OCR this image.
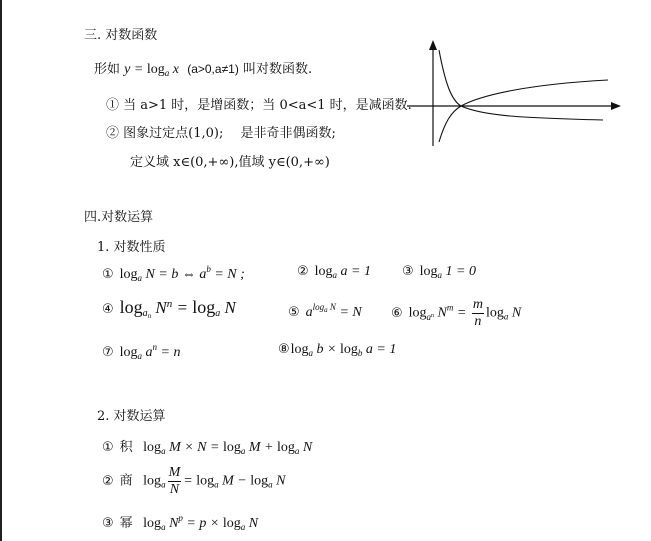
三. 对数函数
形如 $y = \log_a x$ (a>0,a≠1) 叫对数函数.
① 当 a>1 时，是增函数；当 0<a<1 时，是减函数.
② 图象过定点(1,0);　 是非奇非偶函数;
定义域 x∈(0,+∞),值域 y∈(0,+∞)
四.对数运算
1. 对数性质
① $\log_a N = b$ ⇔ $a^b = N$ ;	② $\log_a a = 1$ ③ $\log_a 1 = 0$
④ $\log_{a_n} N^n = \log_a N$	⑤ $a^{log_a N} = N$ ⑥ $\log_{a^n} N^m = \frac{m}{n} \log_a N$
⑦ $\log_a a^n = n$	$⑧\log_a$ $b \times \log_b a = 1$
2. 对数运算
① 积 $\log_a M \times N = \log_a M + \log_a N$
② 商 $\log_a \frac{M}{N} = \log_a M - \log_a N$
③ 幂 $\log_a N^p = p \times \log_a N$
